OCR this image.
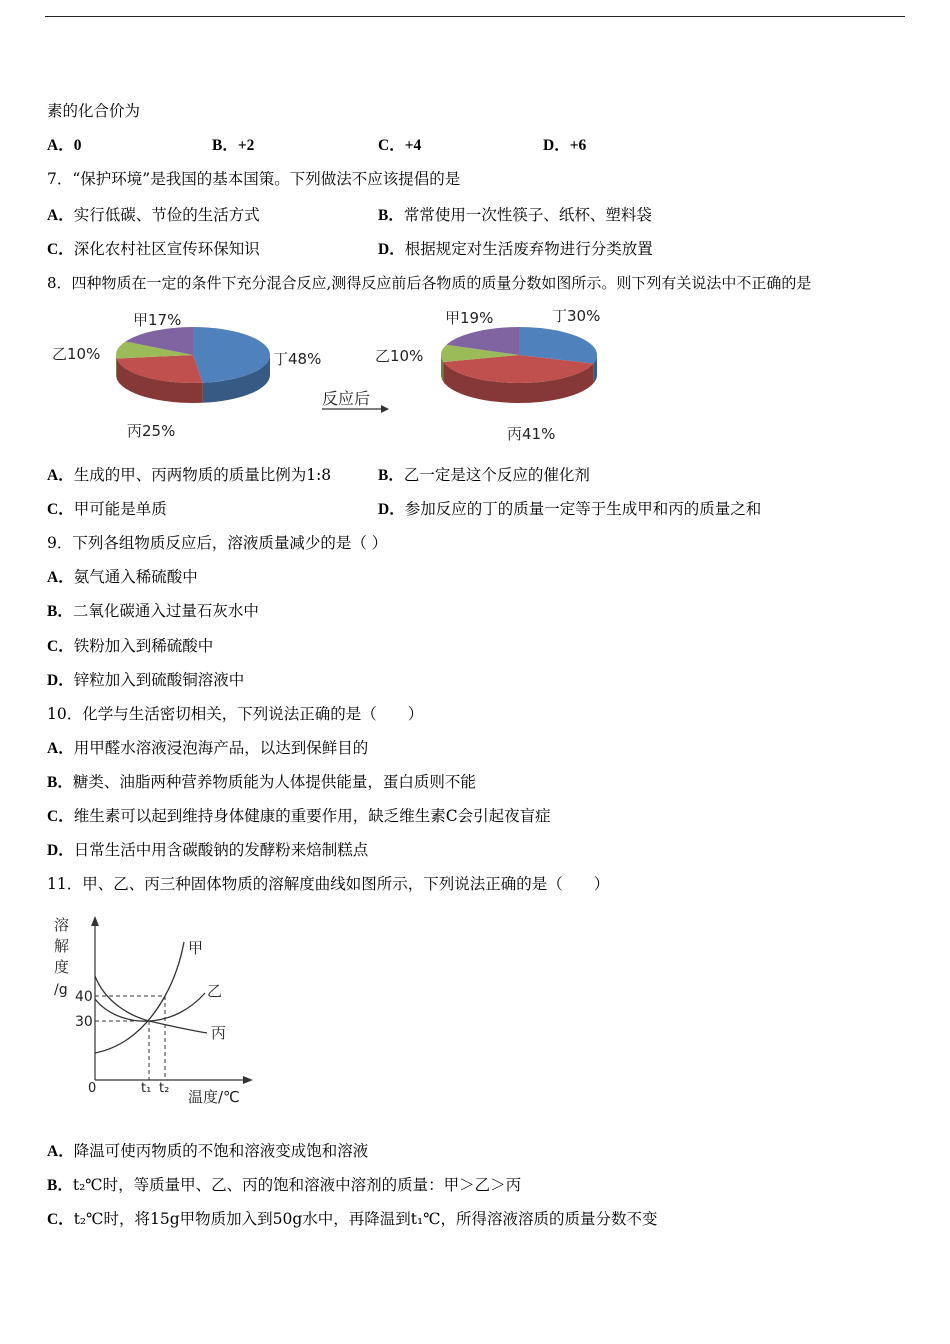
素的化合价为
A．0	B．+2	C．+4	D．+6
7．“保护环境”是我国的基本国策。下列做法不应该提倡的是
A．实行低碳、节俭的生活方式	B．常常使用一次性筷子、纸杯、塑料袋
C．深化农村社区宣传环保知识	D．根据规定对生活废弃物进行分类放置
8．四种物质在一定的条件下充分混合反应,测得反应前后各物质的质量分数如图所示。则下列有关说法中不正确的是
甲17%
乙10%
丙25%
丁48%
甲19%
乙10%
丙41%
丁30%
反应后
A．生成的甲、丙两物质的质量比例为1:8	B．乙一定是这个反应的催化剂
C．甲可能是单质	D．参加反应的丁的质量一定等于生成甲和丙的质量之和
9．下列各组物质反应后，溶液质量减少的是（ ）
A．氨气通入稀硫酸中
B．二氧化碳通入过量石灰水中
C．铁粉加入到稀硫酸中
D．锌粒加入到硫酸铜溶液中
10．化学与生活密切相关，下列说法正确的是（　　）
A．用甲醛水溶液浸泡海产品，以达到保鲜目的
B．糖类、油脂两种营养物质能为人体提供能量，蛋白质则不能
C．维生素可以起到维持身体健康的重要作用，缺乏维生素C会引起夜盲症
D．日常生活中用含碳酸钠的发酵粉来焙制糕点
11．甲、乙、丙三种固体物质的溶解度曲线如图所示，下列说法正确的是（　　）
溶
解
度
/g 40
30
0	t₁ t₂ 温度/℃
甲
乙
丙
A．降温可使丙物质的不饱和溶液变成饱和溶液
B．t₂℃时，等质量甲、乙、丙的饱和溶液中溶剂的质量：甲＞乙＞丙
C．t₂℃时，将15g甲物质加入到50g水中，再降温到t₁℃，所得溶液溶质的质量分数不变
